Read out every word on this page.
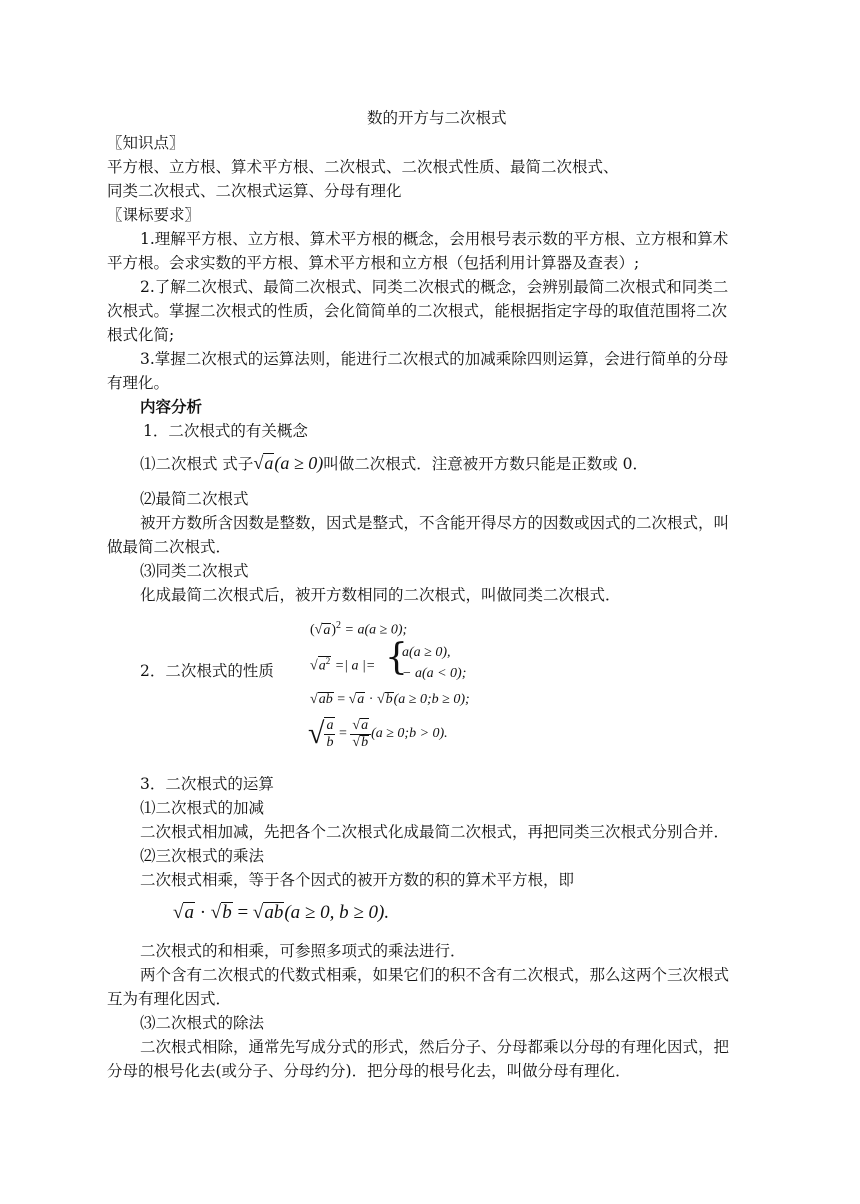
数的开方与二次根式
〖知识点〗
平方根、立方根、算术平方根、二次根式、二次根式性质、最简二次根式、
同类二次根式、二次根式运算、分母有理化
〖课标要求〗
1.理解平方根、立方根、算术平方根的概念，会用根号表示数的平方根、立方根和算术
平方根。会求实数的平方根、算术平方根和立方根（包括利用计算器及查表）;
2.了解二次根式、最简二次根式、同类二次根式的概念，会辨别最简二次根式和同类二
次根式。掌握二次根式的性质，会化简简单的二次根式，能根据指定字母的取值范围将二次
根式化简;
3.掌握二次根式的运算法则，能进行二次根式的加减乘除四则运算，会进行简单的分母
有理化。
内容分析
1．二次根式的有关概念
⑴二次根式 式子√a(a ≥ 0)叫做二次根式．注意被开方数只能是正数或 0．
⑵最简二次根式
被开方数所含因数是整数，因式是整式，不含能开得尽方的因数或因式的二次根式，叫
做最简二次根式．
⑶同类二次根式
化成最简二次根式后，被开方数相同的二次根式，叫做同类二次根式．
2．二次根式的性质
$(√a)^2 = a(a \ge 0)$;
$√a^2$ =| a |= {
a(a ≥ 0),
− a(a < 0);
√ab = √a · √b(a ≥ 0;b ≥ 0);
√ $\frac{a}{b} = \frac{√a}{√b} (a$ ≥ 0;b > 0).
3．二次根式的运算
⑴二次根式的加减
二次根式相加减，先把各个二次根式化成最简二次根式，再把同类三次根式分别合并．
⑵三次根式的乘法
二次根式相乘，等于各个因式的被开方数的积的算术平方根，即
√a · √b = √ab(a ≥ 0, b ≥ 0).
二次根式的和相乘，可参照多项式的乘法进行．
两个含有二次根式的代数式相乘，如果它们的积不含有二次根式，那么这两个三次根式
互为有理化因式．
⑶二次根式的除法
二次根式相除，通常先写成分式的形式，然后分子、分母都乘以分母的有理化因式，把
分母的根号化去(或分子、分母约分)．把分母的根号化去，叫做分母有理化．
